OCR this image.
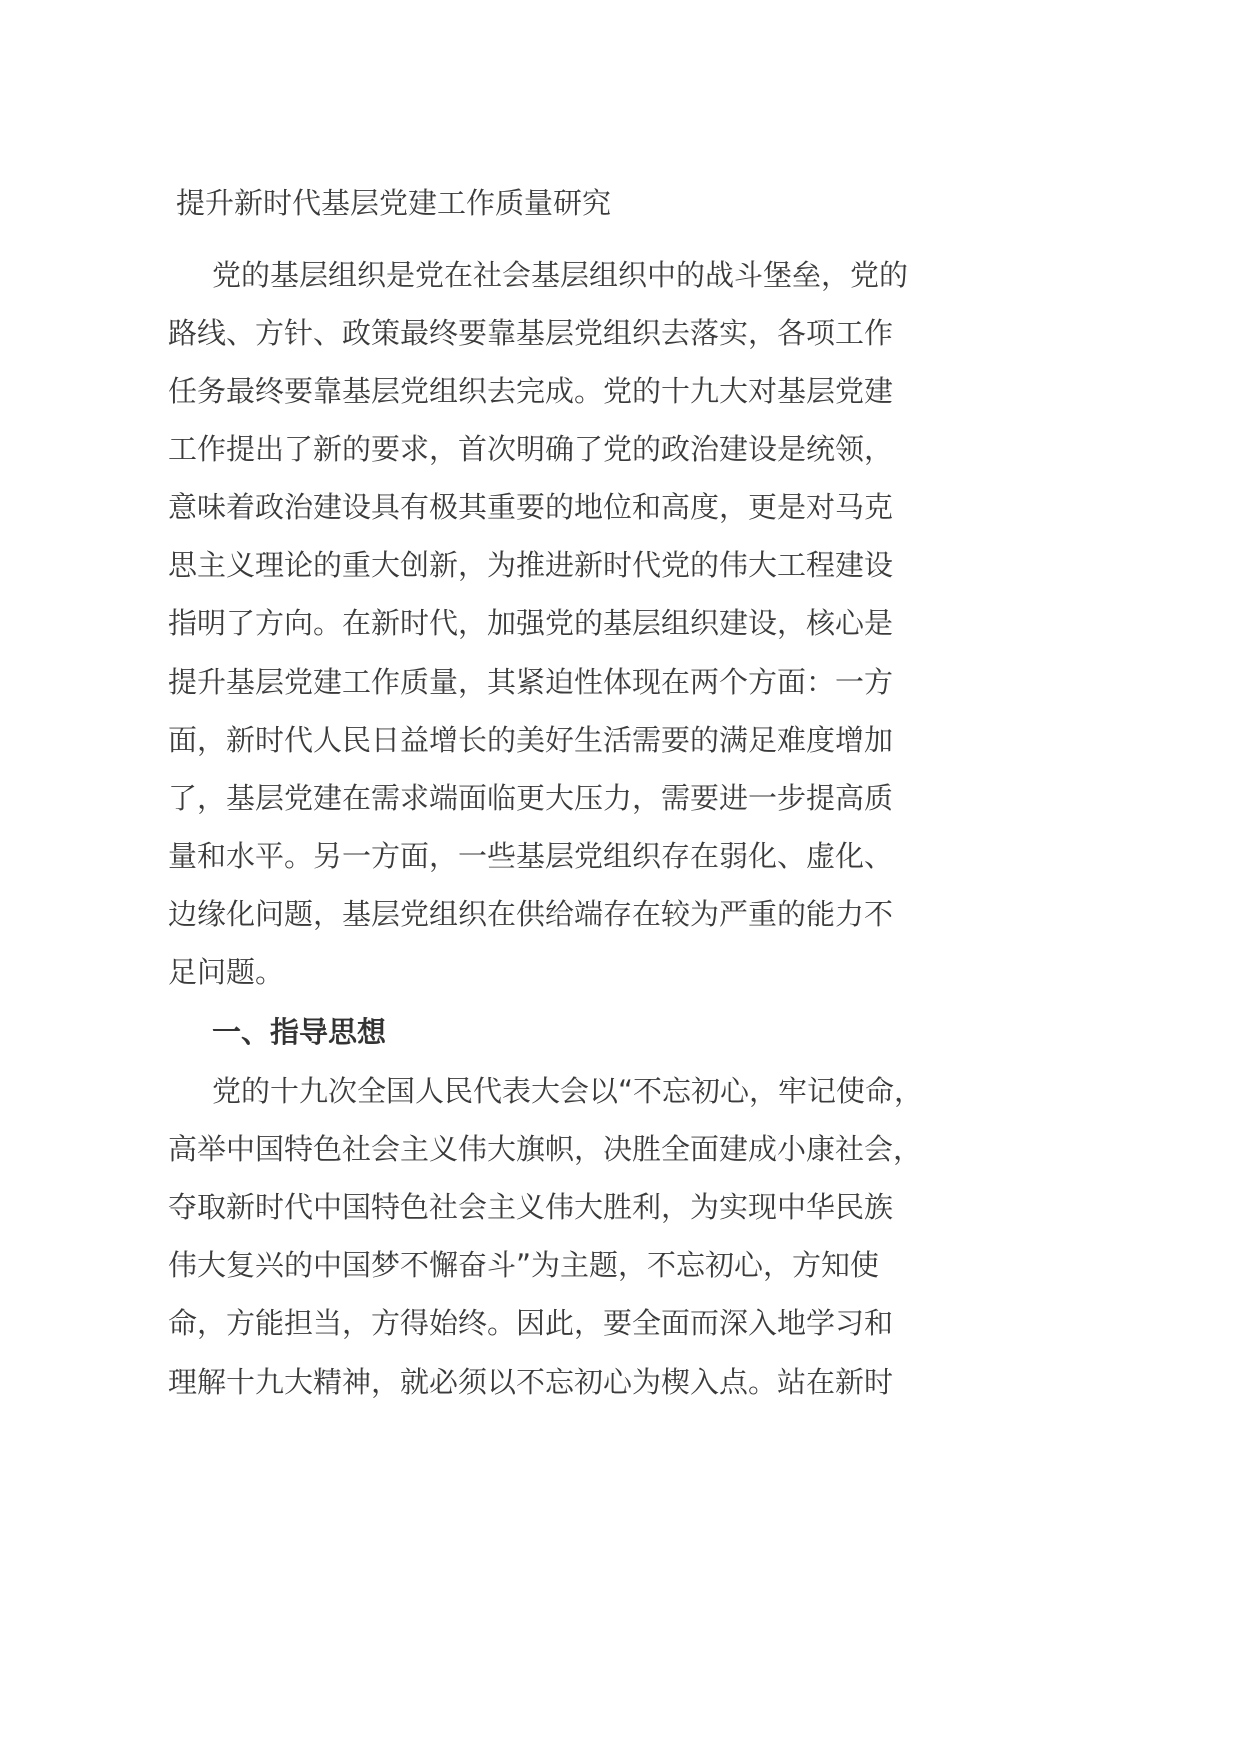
提升新时代基层党建工作质量研究
党的基层组织是党在社会基层组织中的战斗堡垒，党的
路线、方针、政策最终要靠基层党组织去落实，各项工作
任务最终要靠基层党组织去完成。党的十九大对基层党建
工作提出了新的要求，首次明确了党的政治建设是统领，
意味着政治建设具有极其重要的地位和高度，更是对马克
思主义理论的重大创新，为推进新时代党的伟大工程建设
指明了方向。在新时代，加强党的基层组织建设，核心是
提升基层党建工作质量，其紧迫性体现在两个方面：一方
面，新时代人民日益增长的美好生活需要的满足难度增加
了，基层党建在需求端面临更大压力，需要进一步提高质
量和水平。另一方面，一些基层党组织存在弱化、虚化、
边缘化问题，基层党组织在供给端存在较为严重的能力不
足问题。
一、指导思想
党的十九次全国人民代表大会以“不忘初心，牢记使命，
高举中国特色社会主义伟大旗帜，决胜全面建成小康社会，
夺取新时代中国特色社会主义伟大胜利，为实现中华民族
伟大复兴的中国梦不懈奋斗”为主题，不忘初心，方知使
命，方能担当，方得始终。因此，要全面而深入地学习和
理解十九大精神，就必须以不忘初心为楔入点。站在新时
